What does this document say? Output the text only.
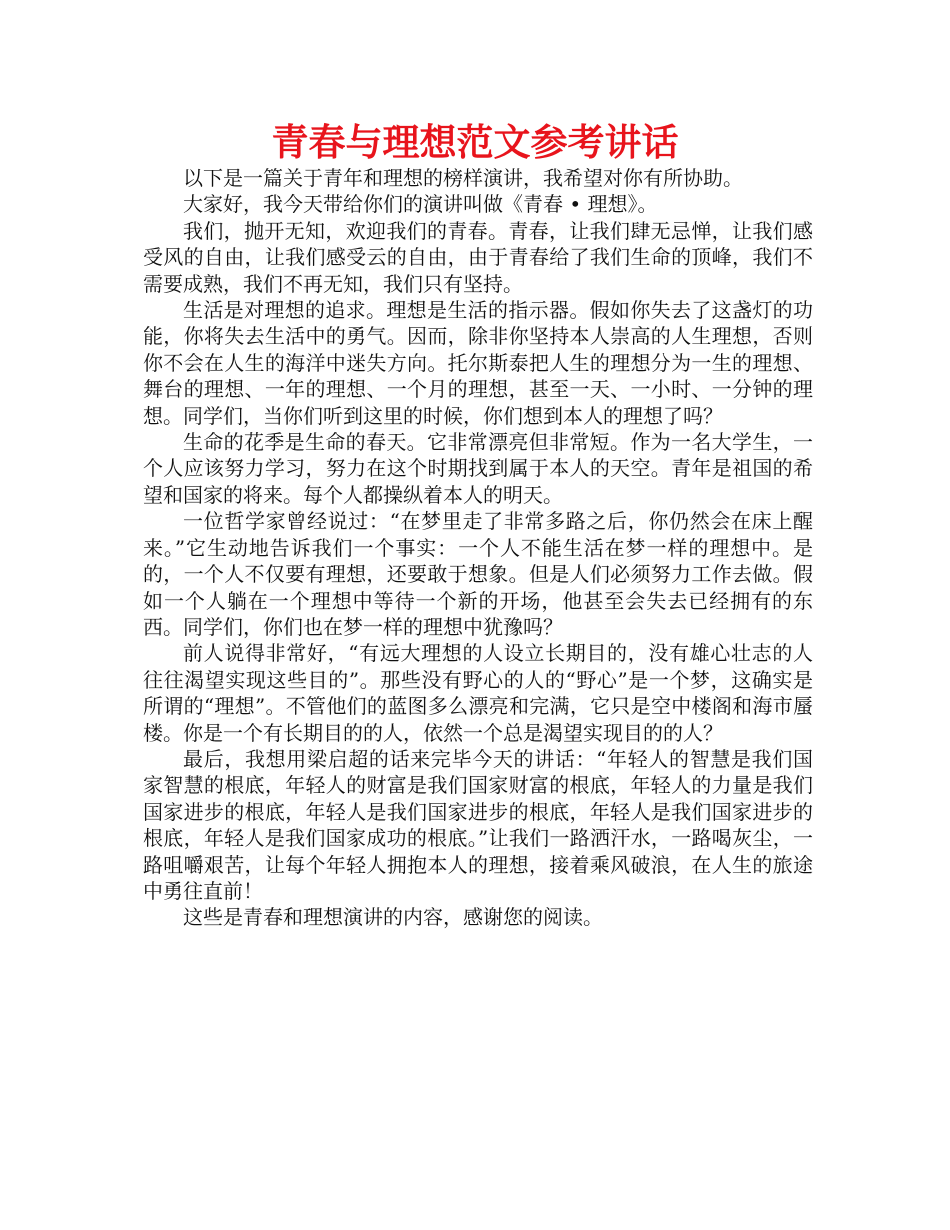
青春与理想范文参考讲话

以下是一篇关于青年和理想的榜样演讲，我希望对你有所协助。

大家好，我今天带给你们的演讲叫做《青春 • 理想》。

我们，抛开无知，欢迎我们的青春。青春，让我们肆无忌惮，让我们感受风的自由，让我们感受云的自由，由于青春给了我们生命的顶峰，我们不需要成熟，我们不再无知，我们只有坚持。

生活是对理想的追求。理想是生活的指示器。假如你失去了这盏灯的功能，你将失去生活中的勇气。因而，除非你坚持本人崇高的人生理想，否则你不会在人生的海洋中迷失方向。托尔斯泰把人生的理想分为一生的理想、舞台的理想、一年的理想、一个月的理想，甚至一天、一小时、一分钟的理想。同学们，当你们听到这里的时候，你们想到本人的理想了吗？

生命的花季是生命的春天。它非常漂亮但非常短。作为一名大学生，一个人应该努力学习，努力在这个时期找到属于本人的天空。青年是祖国的希望和国家的将来。每个人都操纵着本人的明天。

一位哲学家曾经说过：“在梦里走了非常多路之后，你仍然会在床上醒来。”它生动地告诉我们一个事实：一个人不能生活在梦一样的理想中。是的，一个人不仅要有理想，还要敢于想象。但是人们必须努力工作去做。假如一个人躺在一个理想中等待一个新的开场，他甚至会失去已经拥有的东西。同学们，你们也在梦一样的理想中犹豫吗？

前人说得非常好，“有远大理想的人设立长期目的，没有雄心壮志的人往往渴望实现这些目的”。那些没有野心的人的“野心”是一个梦，这确实是所谓的“理想”。不管他们的蓝图多么漂亮和完满，它只是空中楼阁和海市蜃楼。你是一个有长期目的的人，依然一个总是渴望实现目的的人？

最后，我想用梁启超的话来完毕今天的讲话：“年轻人的智慧是我们国家智慧的根底，年轻人的财富是我们国家财富的根底，年轻人的力量是我们国家进步的根底，年轻人是我们国家进步的根底，年轻人是我们国家进步的根底，年轻人是我们国家成功的根底。”让我们一路洒汗水，一路喝灰尘，一路咀嚼艰苦，让每个年轻人拥抱本人的理想，接着乘风破浪，在人生的旅途中勇往直前！

这些是青春和理想演讲的内容，感谢您的阅读。
